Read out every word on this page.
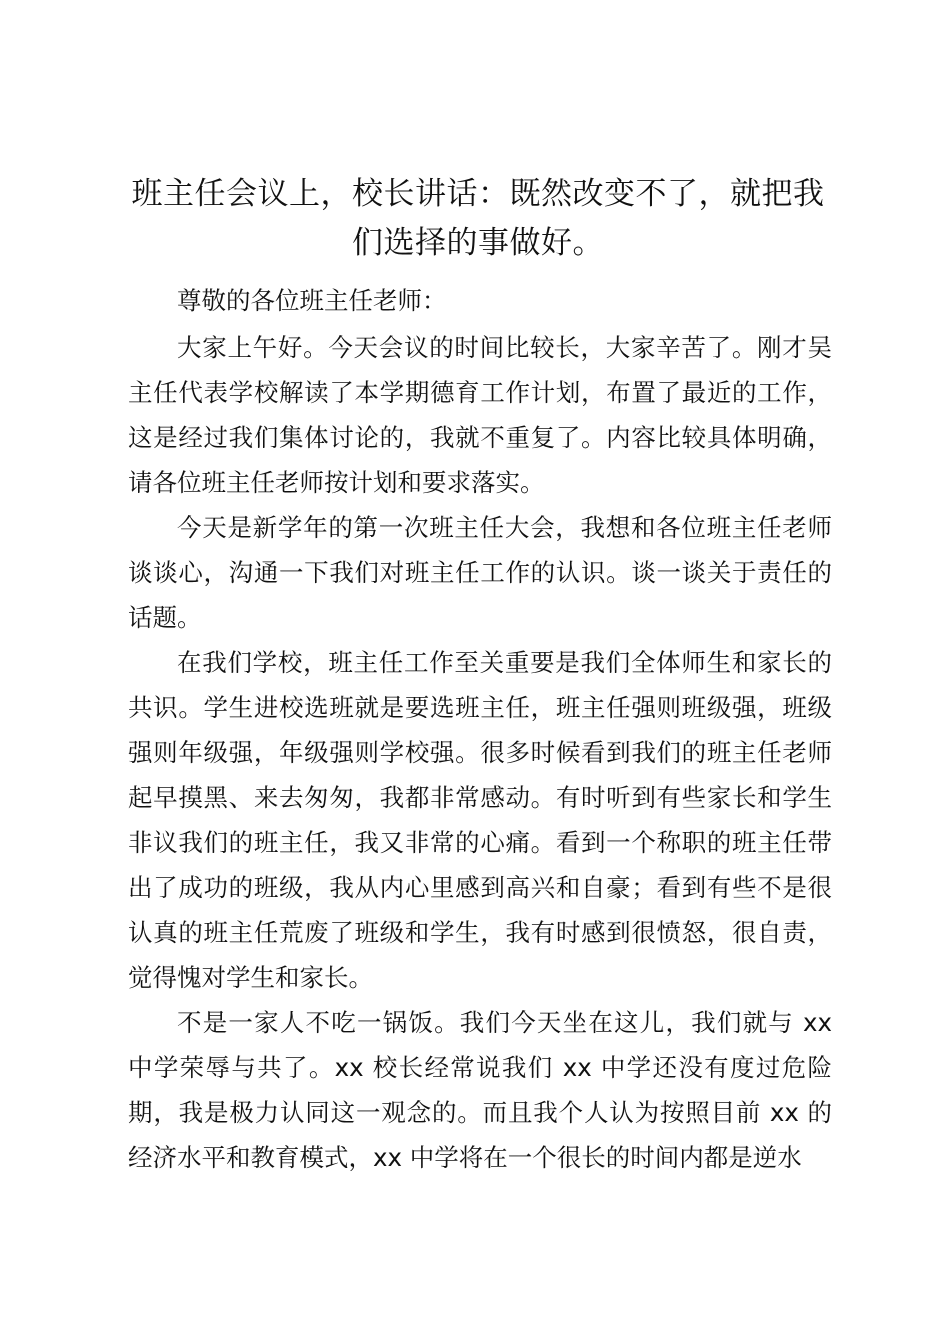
班主任会议上，校长讲话：既然改变不了，就把我们选择的事做好。

尊敬的各位班主任老师：

大家上午好。今天会议的时间比较长，大家辛苦了。刚才吴主任代表学校解读了本学期德育工作计划，布置了最近的工作，这是经过我们集体讨论的，我就不重复了。内容比较具体明确，请各位班主任老师按计划和要求落实。

今天是新学年的第一次班主任大会，我想和各位班主任老师谈谈心，沟通一下我们对班主任工作的认识。谈一谈关于责任的话题。

在我们学校，班主任工作至关重要是我们全体师生和家长的共识。学生进校选班就是要选班主任，班主任强则班级强，班级强则年级强，年级强则学校强。很多时候看到我们的班主任老师起早摸黑、来去匆匆，我都非常感动。有时听到有些家长和学生非议我们的班主任，我又非常的心痛。看到一个称职的班主任带出了成功的班级，我从内心里感到高兴和自豪；看到有些不是很认真的班主任荒废了班级和学生，我有时感到很愤怒，很自责，觉得愧对学生和家长。

不是一家人不吃一锅饭。我们今天坐在这儿，我们就与 xx 中学荣辱与共了。xx 校长经常说我们 xx 中学还没有度过危险期，我是极力认同这一观念的。而且我个人认为按照目前 xx 的经济水平和教育模式，xx 中学将在一个很长的时间内都是逆水
